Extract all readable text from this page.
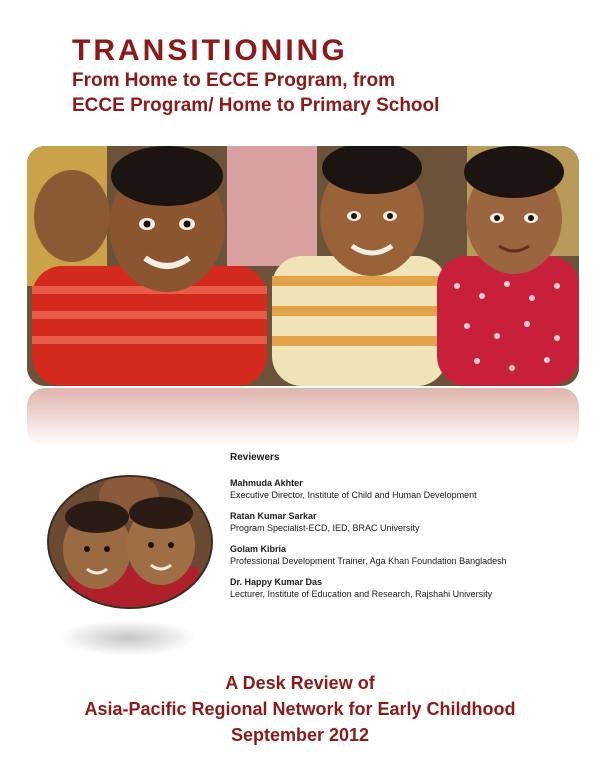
TRANSITIONING
From Home to ECCE Program, from
ECCE Program/ Home to Primary School
Reviewers
Mahmuda Akhter
Executive Director, Institute of Child and Human Development
Ratan Kumar Sarkar
Program Specialist-ECD, IED, BRAC University
Golam Kibria
Professional Development Trainer, Aga Khan Foundation Bangladesh
Dr. Happy Kumar Das
Lecturer, Institute of Education and Research, Rajshahi University
A Desk Review of
Asia-Pacific Regional Network for Early Childhood
September 2012
